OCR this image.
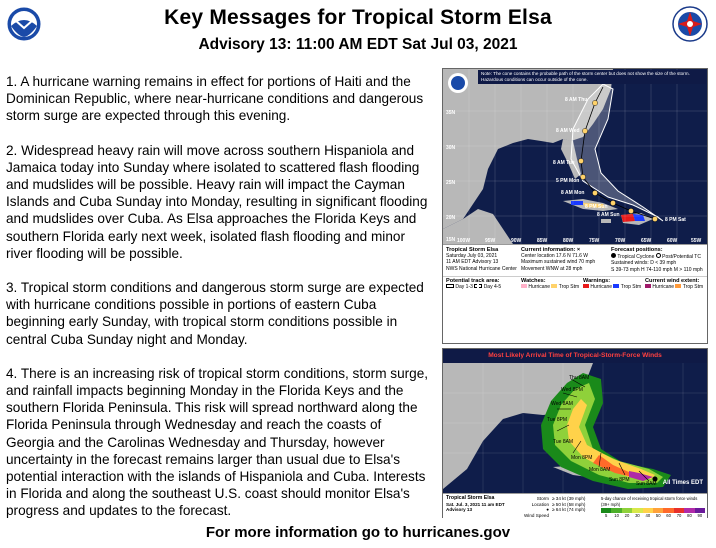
Key Messages for Tropical Storm Elsa
Advisory 13: 11:00 AM EDT Sat Jul 03, 2021

1. A hurricane warning remains in effect for portions of Haiti and the Dominican Republic, where near-hurricane conditions and dangerous storm surge are expected through this evening.

2. Widespread heavy rain will move across southern Hispaniola and Jamaica today into Sunday where isolated to scattered flash flooding and mudslides will be possible. Heavy rain will impact the Cayman Islands and Cuba Sunday into Monday, resulting in significant flooding and mudslides over Cuba. As Elsa approaches the Florida Keys and southern Florida early next week, isolated flash flooding and minor river flooding will be possible.

3. Tropical storm conditions and dangerous storm surge are expected with hurricane conditions possible in portions of eastern Cuba beginning early Sunday, with tropical storm conditions possible in central Cuba Sunday night and Monday.

4. There is an increasing risk of tropical storm conditions, storm surge, and rainfall impacts beginning Monday in the Florida Keys and the southern Florida Peninsula. This risk will spread northward along the Florida Peninsula through Wednesday and reach the coasts of Georgia and the Carolinas Wednesday and Thursday, however uncertainty in the forecast remains larger than usual due to Elsa's potential interaction with the islands of Hispaniola and Cuba. Interests in Florida and along the southeast U.S. coast should monitor Elsa's progress and updates to the forecast.

8 PM Sat
8 AM Sun
8 PM Sun
8 AM Mon
5 PM Mon
8 AM Tue
8 AM Wed
8 AM Thu
35N
30N
25N
20N
15N 100W	95W	90W	85W	80W	75W	70W	65W	60W	55W
Note: The cone contains the probable path of the storm center but does not show the size of the storm. Hazardous conditions can occur outside of the cone.
Tropical Storm Elsa
Saturday July 03, 2021
11 AM EDT Advisory 13
NWS National Hurricane Center
Current information: ×
Center location 17.6 N 71.6 W
Maximum sustained wind 70 mph
Movement WNW at 28 mph
Forecast positions:
Tropical Cyclone Post/Potential TC
Sustained winds: D < 39 mph
S 39-73 mph H 74-110 mph M > 110 mph
Potential track area:
Day 1-3 Day 4-5
Watches:
Hurricane Trop Stm
Warnings:
Hurricane Trop Stm
Current wind extent:
Hurricane Trop Stm
Sun 8AM
Sun 8PM
Mon 8AM
Mon 8PM
Tue 8AM
Tue 8PM
Wed 8AM
Wed 8PM
Thu 8AM
Most Likely Arrival Time of Tropical-Storm-Force Winds
All Times EDT
Tropical Storm Elsa
Sat. Jul. 3, 2021 11 am EDT
Advisory 13
Storm Location
●
Wind Speed
≥ 34 kt (39 mph)
≥ 50 kt (58 mph)
≥ 64 kt (74 mph)
5-day chance of receiving tropical storm force winds (39+ mph)
5	10	20	30	40	50	60	70	80	90
For more information go to hurricanes.gov
